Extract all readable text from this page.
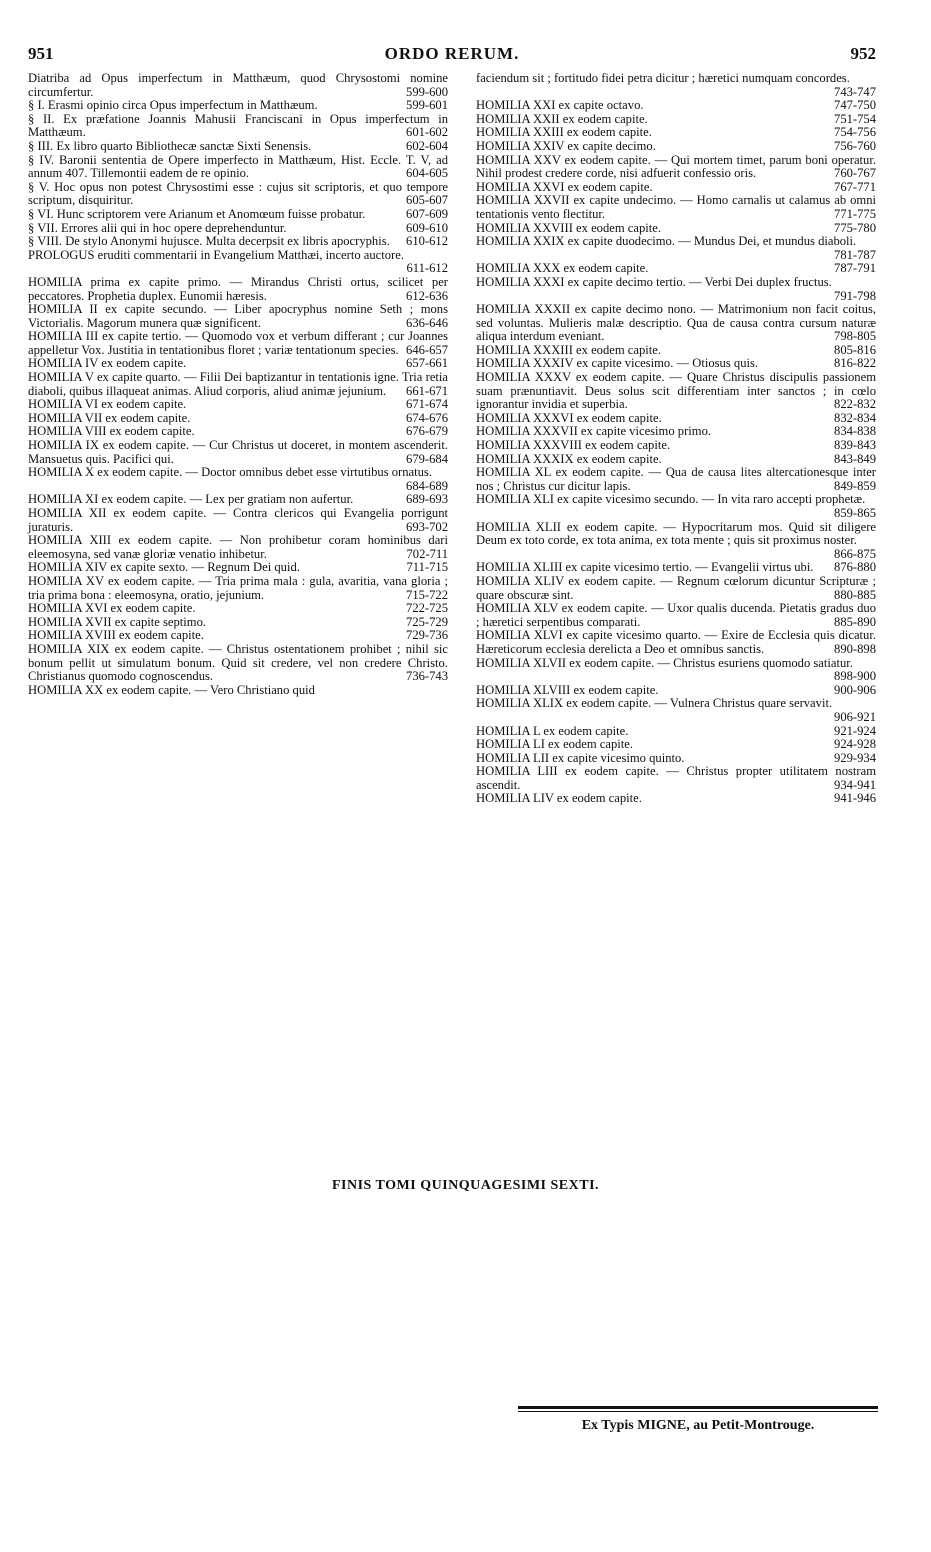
951	ORDO RERUM.	952
Diatriba ad Opus imperfectum in Matthæum, quod Chrysostomi nomine circumfertur.	599-600
§ I. Erasmi opinio circa Opus imperfectum in Matthæum.	599-601
§ II. Ex præfatione Joannis Mahusii Franciscani in Opus imperfectum in Matthæum.	601-602
§ III. Ex libro quarto Bibliothecæ sanctæ Sixti Senensis.	602-604
§ IV. Baronii sententia de Opere imperfecto in Matthæum, Hist. Eccle. T. V, ad annum 407. Tillemontii eadem de re opinio.	604-605
§ V. Hoc opus non potest Chrysostimi esse : cujus sit scriptoris, et quo tempore scriptum, disquiritur.	605-607
§ VI. Hunc scriptorem vere Arianum et Anomœum fuisse probatur.	607-609
§ VII. Errores alii qui in hoc opere deprehenduntur.	609-610
§ VIII. De stylo Anonymi hujusce. Multa decerpsit ex libris apocryphis.	610-612
PROLOGUS eruditi commentarii in Evangelium Matthæi, incerto auctore.
611-612
HOMILIA prima ex capite primo. — Mirandus Christi ortus, scilicet per peccatores. Prophetia duplex. Eunomii hæresis.	612-636
HOMILIA II ex capite secundo. — Liber apocryphus nomine Seth ; mons Victorialis. Magorum munera quæ significent.	636-646
HOMILIA III ex capite tertio. — Quomodo vox et verbum differant ; cur Joannes appelletur Vox. Justitia in tentationibus floret ; variæ tentationum species. 646-657
HOMILIA IV ex eodem capite.	657-661
HOMILIA V ex capite quarto. — Filii Dei baptizantur in tentationis igne. Tria retia diaboli, quibus illaqueat animas. Aliud corporis, aliud animæ jejunium.	661-671
HOMILIA VI ex eodem capite.	671-674
HOMILIA VII ex eodem capite.	674-676
HOMILIA VIII ex eodem capite.	676-679
HOMILIA IX ex eodem capite. — Cur Christus ut doceret, in montem ascenderit. Mansuetus quis. Pacifici qui.	679-684
HOMILIA X ex eodem capite. — Doctor omnibus debet esse virtutibus ornatus.
684-689
HOMILIA XI ex eodem capite. — Lex per gratiam non aufertur.	689-693
HOMILIA XII ex eodem capite. — Contra clericos qui Evangelia porrigunt juraturis.	693-702
HOMILIA XIII ex eodem capite. — Non prohibetur coram hominibus dari eleemosyna, sed vanæ gloriæ venatio inhibetur.	702-711
HOMILIA XIV ex capite sexto. — Regnum Dei quid.	711-715
HOMILIA XV ex eodem capite. — Tria prima mala : gula, avaritia, vana gloria ; tria prima bona : eleemosyna, oratio, jejunium.	715-722
HOMILIA XVI ex eodem capite.	722-725
HOMILIA XVII ex capite septimo.	725-729
HOMILIA XVIII ex eodem capite.	729-736
HOMILIA XIX ex eodem capite. — Christus ostentationem prohibet ; nihil sic bonum pellit ut simulatum bonum. Quid sit credere, vel non credere Christo. Christianus quomodo cognoscendus.	736-743
HOMILIA XX ex eodem capite. — Vero Christiano quid
faciendum sit ; fortitudo fidei petra dicitur ; hæretici numquam concordes.
743-747
HOMILIA XXI ex capite octavo.	747-750
HOMILIA XXII ex eodem capite.	751-754
HOMILIA XXIII ex eodem capite.	754-756
HOMILIA XXIV ex capite decimo.	756-760
HOMILIA XXV ex eodem capite. — Qui mortem timet, parum boni operatur. Nihil prodest credere corde, nisi adfuerit confessio oris.	760-767
HOMILIA XXVI ex eodem capite.	767-771
HOMILIA XXVII ex capite undecimo. — Homo carnalis ut calamus ab omni tentationis vento flectitur.	771-775
HOMILIA XXVIII ex eodem capite.	775-780
HOMILIA XXIX ex capite duodecimo. — Mundus Dei, et mundus diaboli.
781-787
HOMILIA XXX ex eodem capite.	787-791
HOMILIA XXXI ex capite decimo tertio. — Verbi Dei duplex fructus.
791-798
HOMILIA XXXII ex capite decimo nono. — Matrimonium non facit coitus, sed voluntas. Mulieris malæ descriptio. Qua de causa contra cursum naturæ aliqua interdum eveniant.	798-805
HOMILIA XXXIII ex eodem capite.	805-816
HOMILIA XXXIV ex capite vicesimo. — Otiosus quis.	816-822
HOMILIA XXXV ex eodem capite. — Quare Christus discipulis passionem suam prænuntiavit. Deus solus scit differentiam inter sanctos ; in cœlo ignorantur invidia et superbia.	822-832
HOMILIA XXXVI ex eodem capite.	832-834
HOMILIA XXXVII ex capite vicesimo primo.	834-838
HOMILIA XXXVIII ex eodem capite.	839-843
HOMILIA XXXIX ex eodem capite.	843-849
HOMILIA XL ex eodem capite. — Qua de causa lites altercationesque inter nos ; Christus cur dicitur lapis.	849-859
HOMILIA XLI ex capite vicesimo secundo. — In vita raro accepti prophetæ.
859-865
HOMILIA XLII ex eodem capite. — Hypocritarum mos. Quid sit diligere Deum ex toto corde, ex tota anima, ex tota mente ; quis sit proximus noster.
866-875
HOMILIA XLIII ex capite vicesimo tertio. — Evangelii virtus ubi.	876-880
HOMILIA XLIV ex eodem capite. — Regnum cœlorum dicuntur Scripturæ ; quare obscuræ sint.	880-885
HOMILIA XLV ex eodem capite. — Uxor qualis ducenda. Pietatis gradus duo ; hæretici serpentibus comparati.	885-890
HOMILIA XLVI ex capite vicesimo quarto. — Exire de Ecclesia quis dicatur. Hæreticorum ecclesia derelicta a Deo et omnibus sanctis.	890-898
HOMILIA XLVII ex eodem capite. — Christus esuriens quomodo satiatur.
898-900
HOMILIA XLVIII ex eodem capite.	900-906
HOMILIA XLIX ex eodem capite. — Vulnera Christus quare servavit.
906-921
HOMILIA L ex eodem capite.	921-924
HOMILIA LI ex eodem capite.	924-928
HOMILIA LII ex capite vicesimo quinto.	929-934
HOMILIA LIII ex eodem capite. — Christus propter utilitatem nostram ascendit.	934-941
HOMILIA LIV ex eodem capite.	941-946
FINIS TOMI QUINQUAGESIMI SEXTI.
Ex Typis MIGNE, au Petit-Montrouge.
